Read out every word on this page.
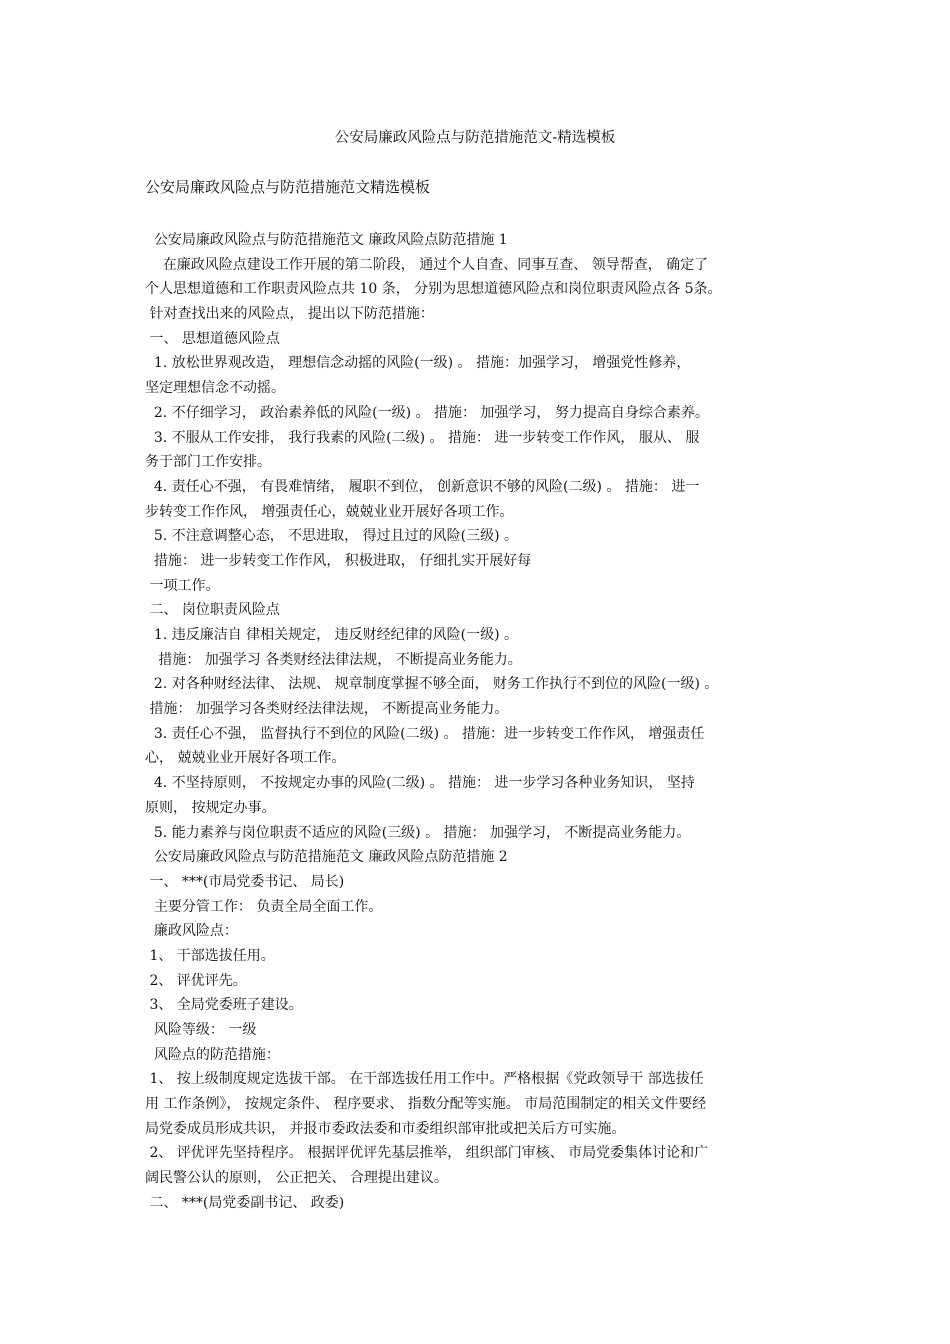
公安局廉政风险点与防范措施范文-精选模板
公安局廉政风险点与防范措施范文精选模板
公安局廉政风险点与防范措施范文 廉政风险点防范措施 1
在廉政风险点建设工作开展的第二阶段， 通过个人自查、同事互查、 领导帮查， 确定了
个人思想道德和工作职责风险点共 10 条， 分别为思想道德风险点和岗位职责风险点各 5条。
针对查找出来的风险点， 提出以下防范措施：
一、 思想道德风险点
1. 放松世界观改造， 理想信念动摇的风险(一级) 。 措施：加强学习， 增强党性修养，
坚定理想信念不动摇。
2. 不仔细学习， 政治素养低的风险(一级) 。 措施： 加强学习， 努力提高自身综合素养。
3. 不服从工作安排， 我行我素的风险(二级) 。 措施： 进一步转变工作作风， 服从、 服
务于部门工作安排。
4. 责任心不强， 有畏难情绪， 履职不到位， 创新意识不够的风险(二级) 。 措施： 进一
步转变工作作风， 增强责任心，兢兢业业开展好各项工作。
5. 不注意调整心态， 不思进取， 得过且过的风险(三级) 。
措施： 进一步转变工作作风， 积极进取， 仔细扎实开展好每
一项工作。
二、 岗位职责风险点
1. 违反廉洁自 律相关规定， 违反财经纪律的风险(一级) 。
措施： 加强学习 各类财经法律法规， 不断提高业务能力。
2. 对各种财经法律、 法规、 规章制度掌握不够全面， 财务工作执行不到位的风险(一级) 。
措施： 加强学习各类财经法律法规， 不断提高业务能力。
3. 责任心不强， 监督执行不到位的风险(二级) 。 措施：进一步转变工作作风， 增强责任
心， 兢兢业业开展好各项工作。
4. 不坚持原则， 不按规定办事的风险(二级) 。 措施： 进一步学习各种业务知识， 坚持
原则， 按规定办事。
5. 能力素养与岗位职责不适应的风险(三级) 。 措施： 加强学习， 不断提高业务能力。
公安局廉政风险点与防范措施范文 廉政风险点防范措施 2
一、 ***(市局党委书记、 局长)
主要分管工作： 负责全局全面工作。
廉政风险点：
1、 干部选拔任用。
2、 评优评先。
3、 全局党委班子建设。
风险等级： 一级
风险点的防范措施：
1、 按上级制度规定选拔干部。 在干部选拔任用工作中。严格根据《党政领导干 部选拔任
用 工作条例》， 按规定条件、 程序要求、 指数分配等实施。 市局范围制定的相关文件要经
局党委成员形成共识， 并报市委政法委和市委组织部审批或把关后方可实施。
2、 评优评先坚持程序。 根据评优评先基层推举， 组织部门审核、 市局党委集体讨论和广
阔民警公认的原则， 公正把关、 合理提出建议。
二、 ***(局党委副书记、 政委)
